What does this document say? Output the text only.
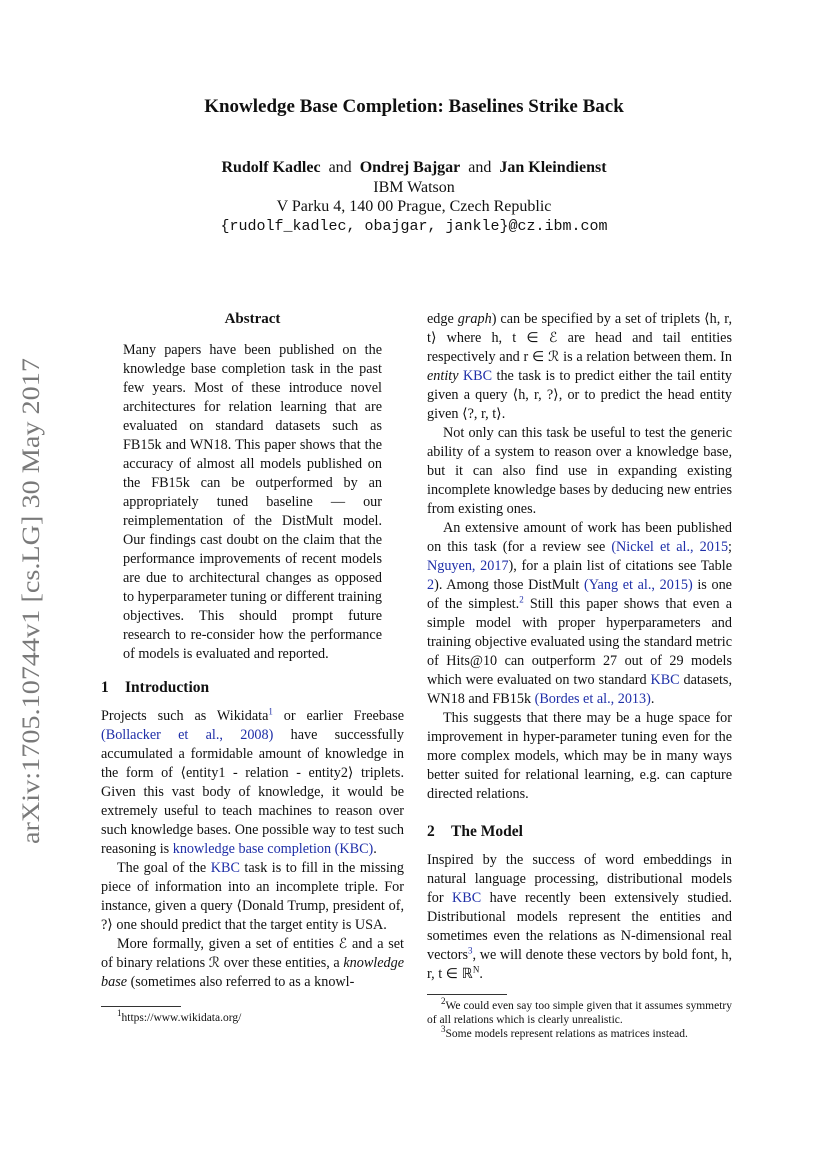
arXiv:1705.10744v1 [cs.LG] 30 May 2017
Knowledge Base Completion: Baselines Strike Back
Rudolf Kadlec and Ondrej Bajgar and Jan Kleindienst
IBM Watson
V Parku 4, 140 00 Prague, Czech Republic
{rudolf_kadlec, obajgar, jankle}@cz.ibm.com
Abstract

Many papers have been published on the knowledge base completion task in the past few years. Most of these introduce novel architectures for relation learning that are evaluated on standard datasets such as FB15k and WN18. This paper shows that the accuracy of almost all models published on the FB15k can be outperformed by an appropriately tuned baseline — our reimplementation of the DistMult model. Our findings cast doubt on the claim that the performance improvements of recent models are due to architectural changes as opposed to hyperparameter tuning or different training objectives. This should prompt future research to re-consider how the performance of models is evaluated and reported.

1 Introduction

Projects such as Wikidata$^1$ or earlier Freebase (Bollacker et al., 2008) have successfully accumulated a formidable amount of knowledge in the form of ⟨entity1 - relation - entity2⟩ triplets. Given this vast body of knowledge, it would be extremely useful to teach machines to reason over such knowledge bases. One possible way to test such reasoning is knowledge base completion (KBC).

The goal of the KBC task is to fill in the missing piece of information into an incomplete triple. For instance, given a query ⟨Donald Trump, president of, ?⟩ one should predict that the target entity is USA.

More formally, given a set of entities ℰ and a set of binary relations ℛ over these entities, a knowledge base (sometimes also referred to as a knowl-

$^1$https://www.wikidata.org/

edge graph) can be specified by a set of triplets ⟨h, r, t⟩ where h, t ∈ ℰ are head and tail entities respectively and r ∈ ℛ is a relation between them. In entity KBC the task is to predict either the tail entity given a query ⟨h, r, ?⟩, or to predict the head entity given ⟨?, r, t⟩.

Not only can this task be useful to test the generic ability of a system to reason over a knowledge base, but it can also find use in expanding existing incomplete knowledge bases by deducing new entries from existing ones.

An extensive amount of work has been published on this task (for a review see (Nickel et al., 2015; Nguyen, 2017), for a plain list of citations see Table 2). Among those DistMult (Yang et al., 2015) is one of the simplest.$^2$ Still this paper shows that even a simple model with proper hyperparameters and training objective evaluated using the standard metric of Hits@10 can outperform 27 out of 29 models which were evaluated on two standard KBC datasets, WN18 and FB15k (Bordes et al., 2013).

This suggests that there may be a huge space for improvement in hyper-parameter tuning even for the more complex models, which may be in many ways better suited for relational learning, e.g. can capture directed relations.

2 The Model

Inspired by the success of word embeddings in natural language processing, distributional models for KBC have recently been extensively studied. Distributional models represent the entities and sometimes even the relations as N-dimensional real vectors$^3$, we will denote these vectors by bold font, h, r, t ∈ ℝ$^N$.

$^2$We could even say too simple given that it assumes symmetry of all relations which is clearly unrealistic.
$^3$Some models represent relations as matrices instead.
